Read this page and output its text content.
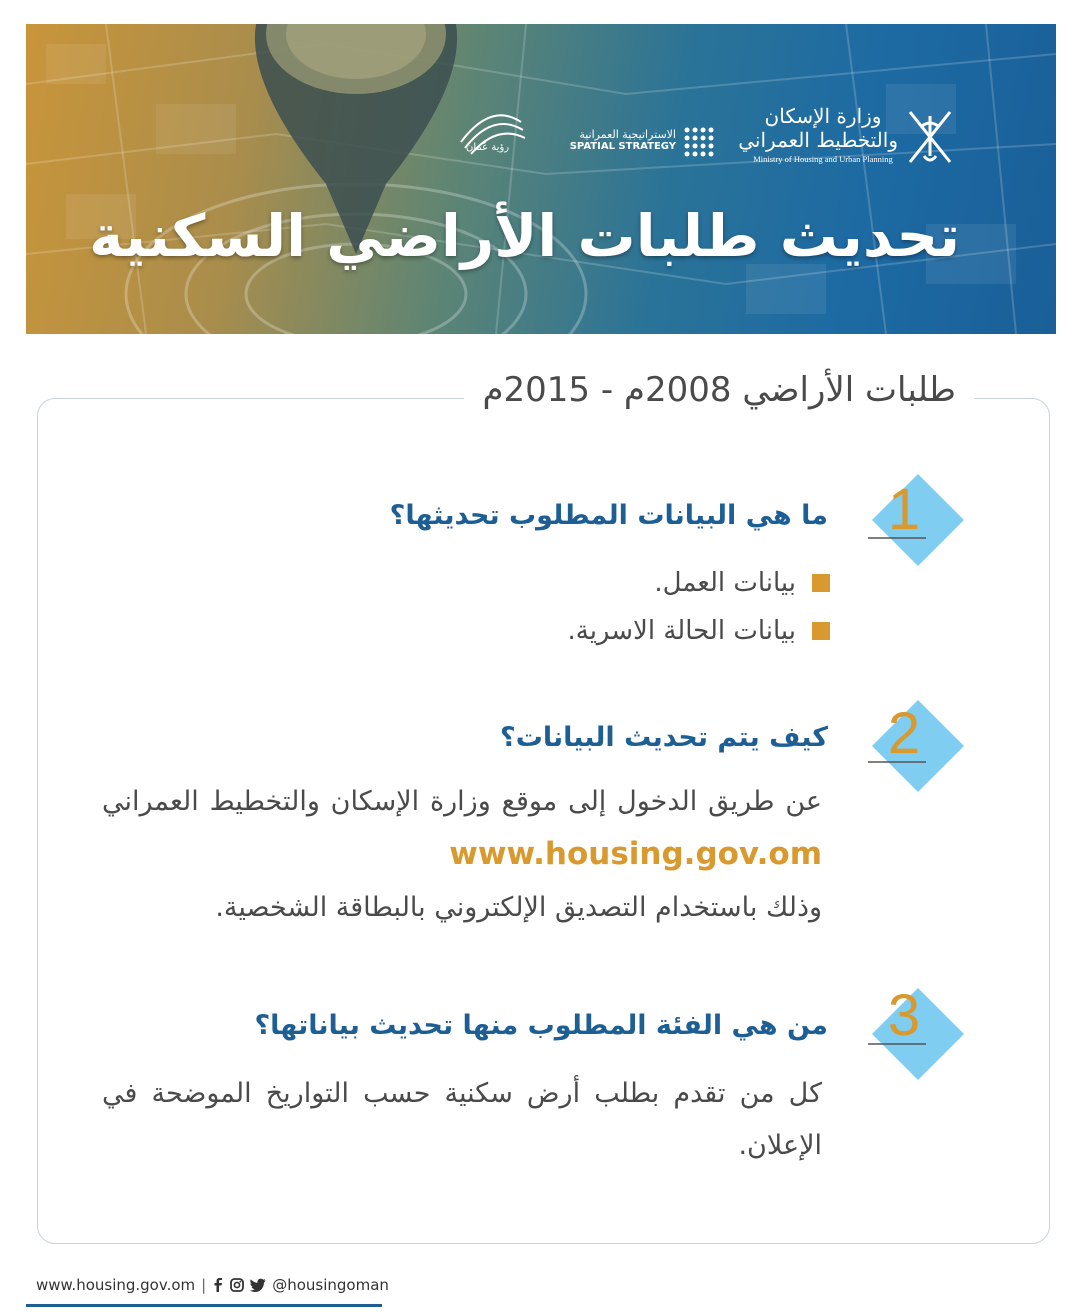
وزارة الإسكان
والتخطيط العمراني
Ministry of Housing and Urban Planning
الاستراتيجية العمرانية
SPATIAL STRATEGY
رؤية عُمان
تحديث طلبات الأراضي السكنية
طلبات الأراضي 2008م - 2015م
1
ما هي البيانات المطلوب تحديثها؟
بيانات العمل.
بيانات الحالة الاسرية.
2
كيف يتم تحديث البيانات؟
عن طريق الدخول إلى موقع وزارة الإسكان والتخطيط العمراني www.housing.gov.om
وذلك باستخدام التصديق الإلكتروني بالبطاقة الشخصية.
3
من هي الفئة المطلوب منها تحديث بياناتها؟
كل من تقدم بطلب أرض سكنية حسب التواريخ الموضحة في الإعلان.
www.housing.gov.om |	@housingoman
